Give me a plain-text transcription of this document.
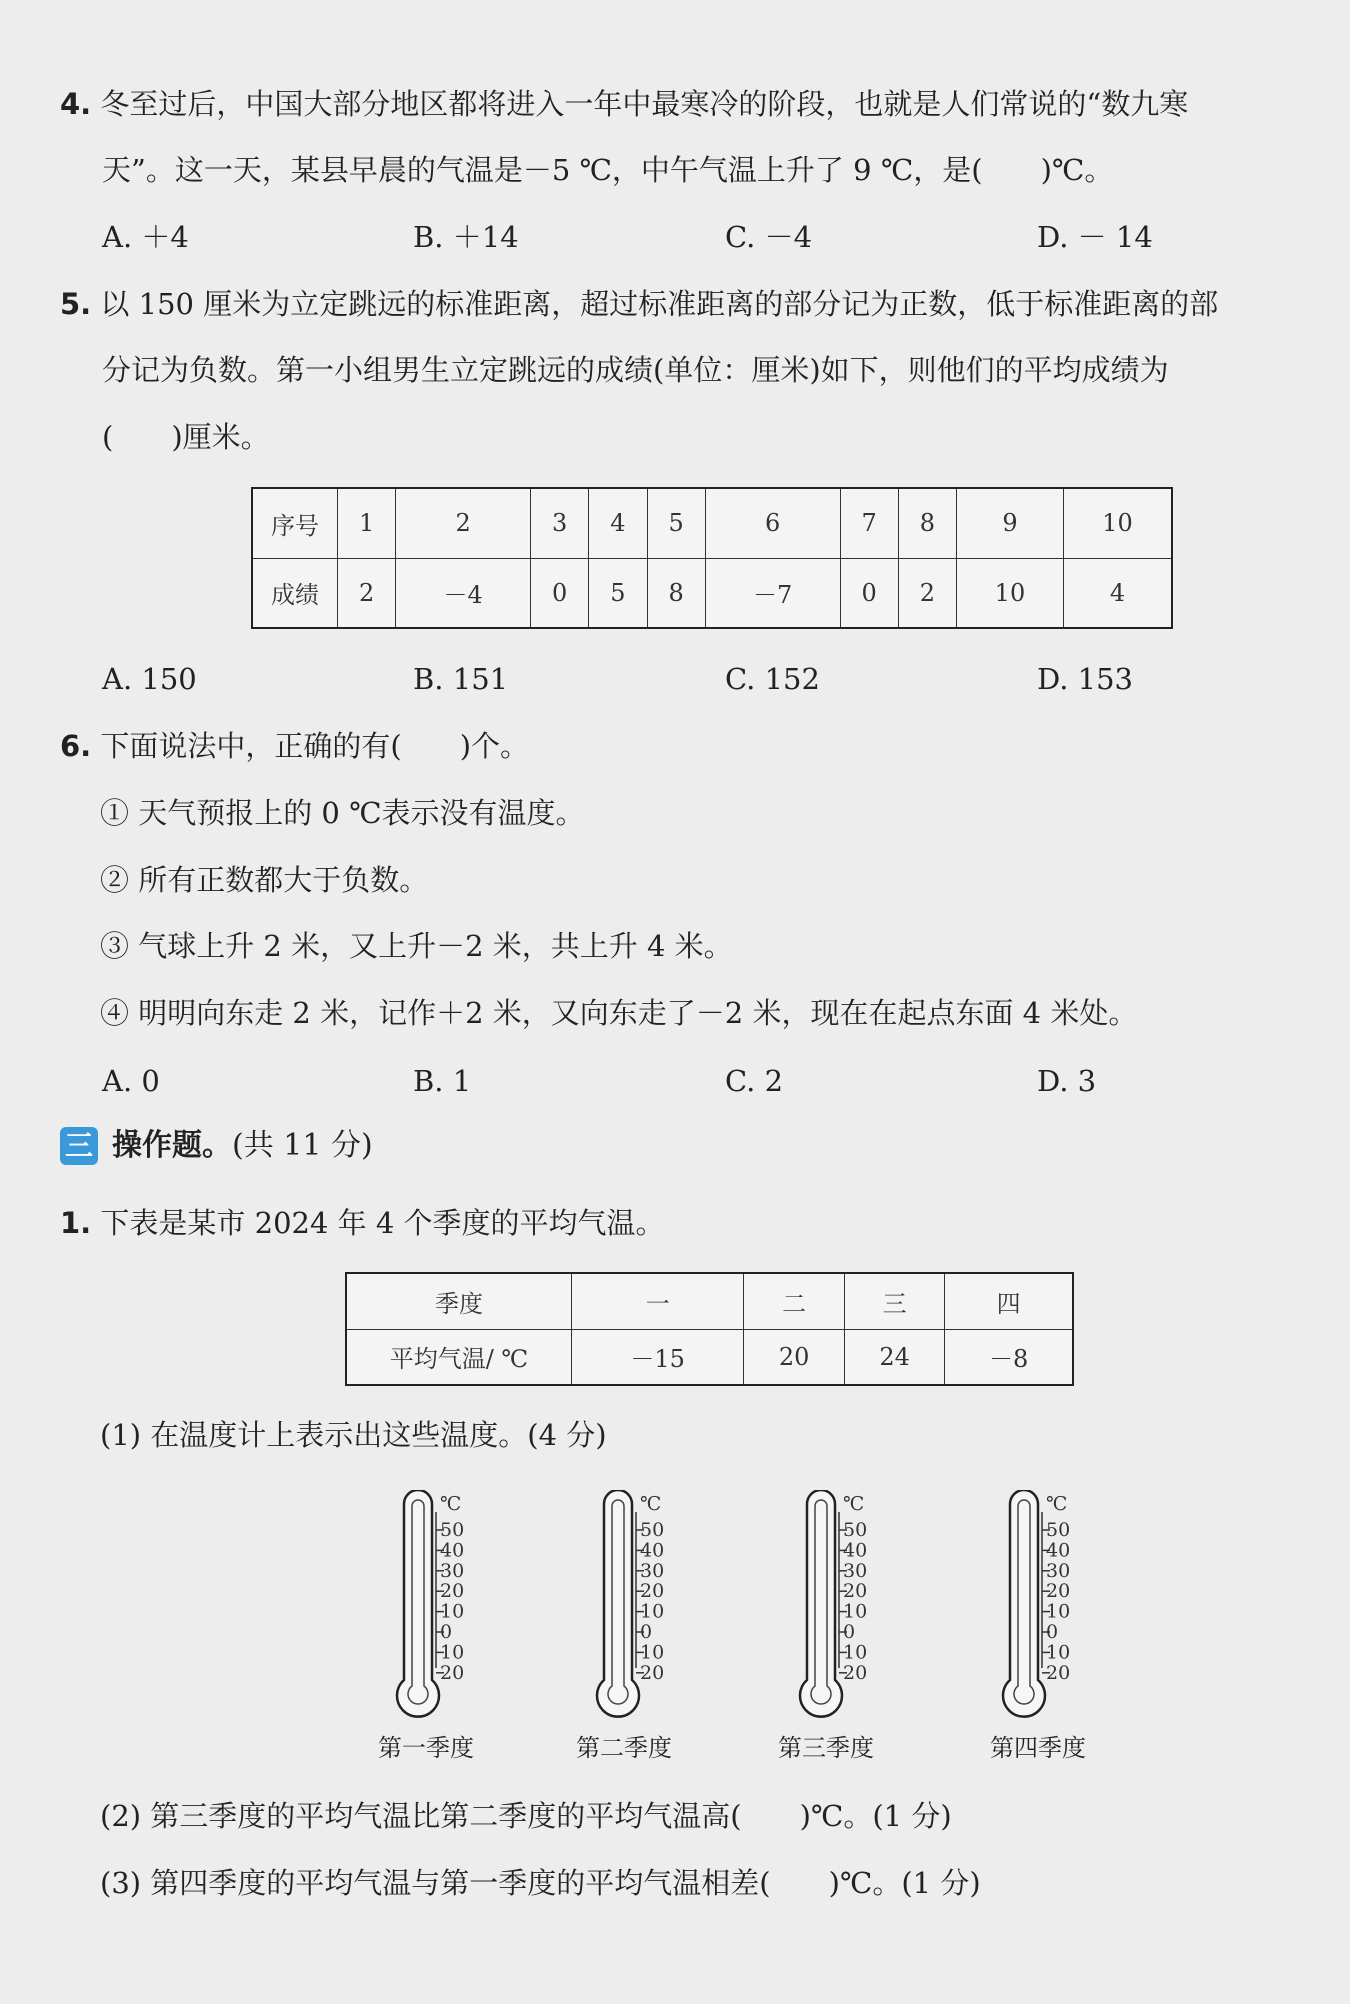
4. 冬至过后，中国大部分地区都将进入一年中最寒冷的阶段，也就是人们常说的“数九寒
天”。这一天，某县早晨的气温是－5 ℃，中午气温上升了 9 ℃，是(　　)℃。
A. ＋4	B. ＋14	C. －4	D. － 14
5. 以 150 厘米为立定跳远的标准距离，超过标准距离的部分记为正数，低于标准距离的部
分记为负数。第一小组男生立定跳远的成绩(单位：厘米)如下，则他们的平均成绩为
(　　)厘米。
序号	1	2	3	4	5	6	7	8	9	10
成绩	2	－4	0	5	8	－7	0	2	10	4
A. 150	B. 151	C. 152	D. 153
6. 下面说法中，正确的有(　　)个。
① 天气预报上的 0 ℃表示没有温度。
② 所有正数都大于负数。
③ 气球上升 2 米，又上升－2 米，共上升 4 米。
④ 明明向东走 2 米，记作＋2 米，又向东走了－2 米，现在在起点东面 4 米处。
A. 0	B. 1	C. 2	D. 3
三 操作题。(共 11 分)
1. 下表是某市 2024 年 4 个季度的平均气温。
季度	一	二	三	四
平均气温/ ℃	－15	20	24	－8
(1) 在温度计上表示出这些温度。(4 分)
℃
50
40
30
20
10
0
10
20
第一季度
℃
50
40
30
20
10
0
10
20
第二季度
℃
50
40
30
20
10
0
10
20
第三季度
℃
50
40
30
20
10
0
10
20
第四季度
(2) 第三季度的平均气温比第二季度的平均气温高(　　)℃。(1 分)
(3) 第四季度的平均气温与第一季度的平均气温相差(　　)℃。(1 分)
